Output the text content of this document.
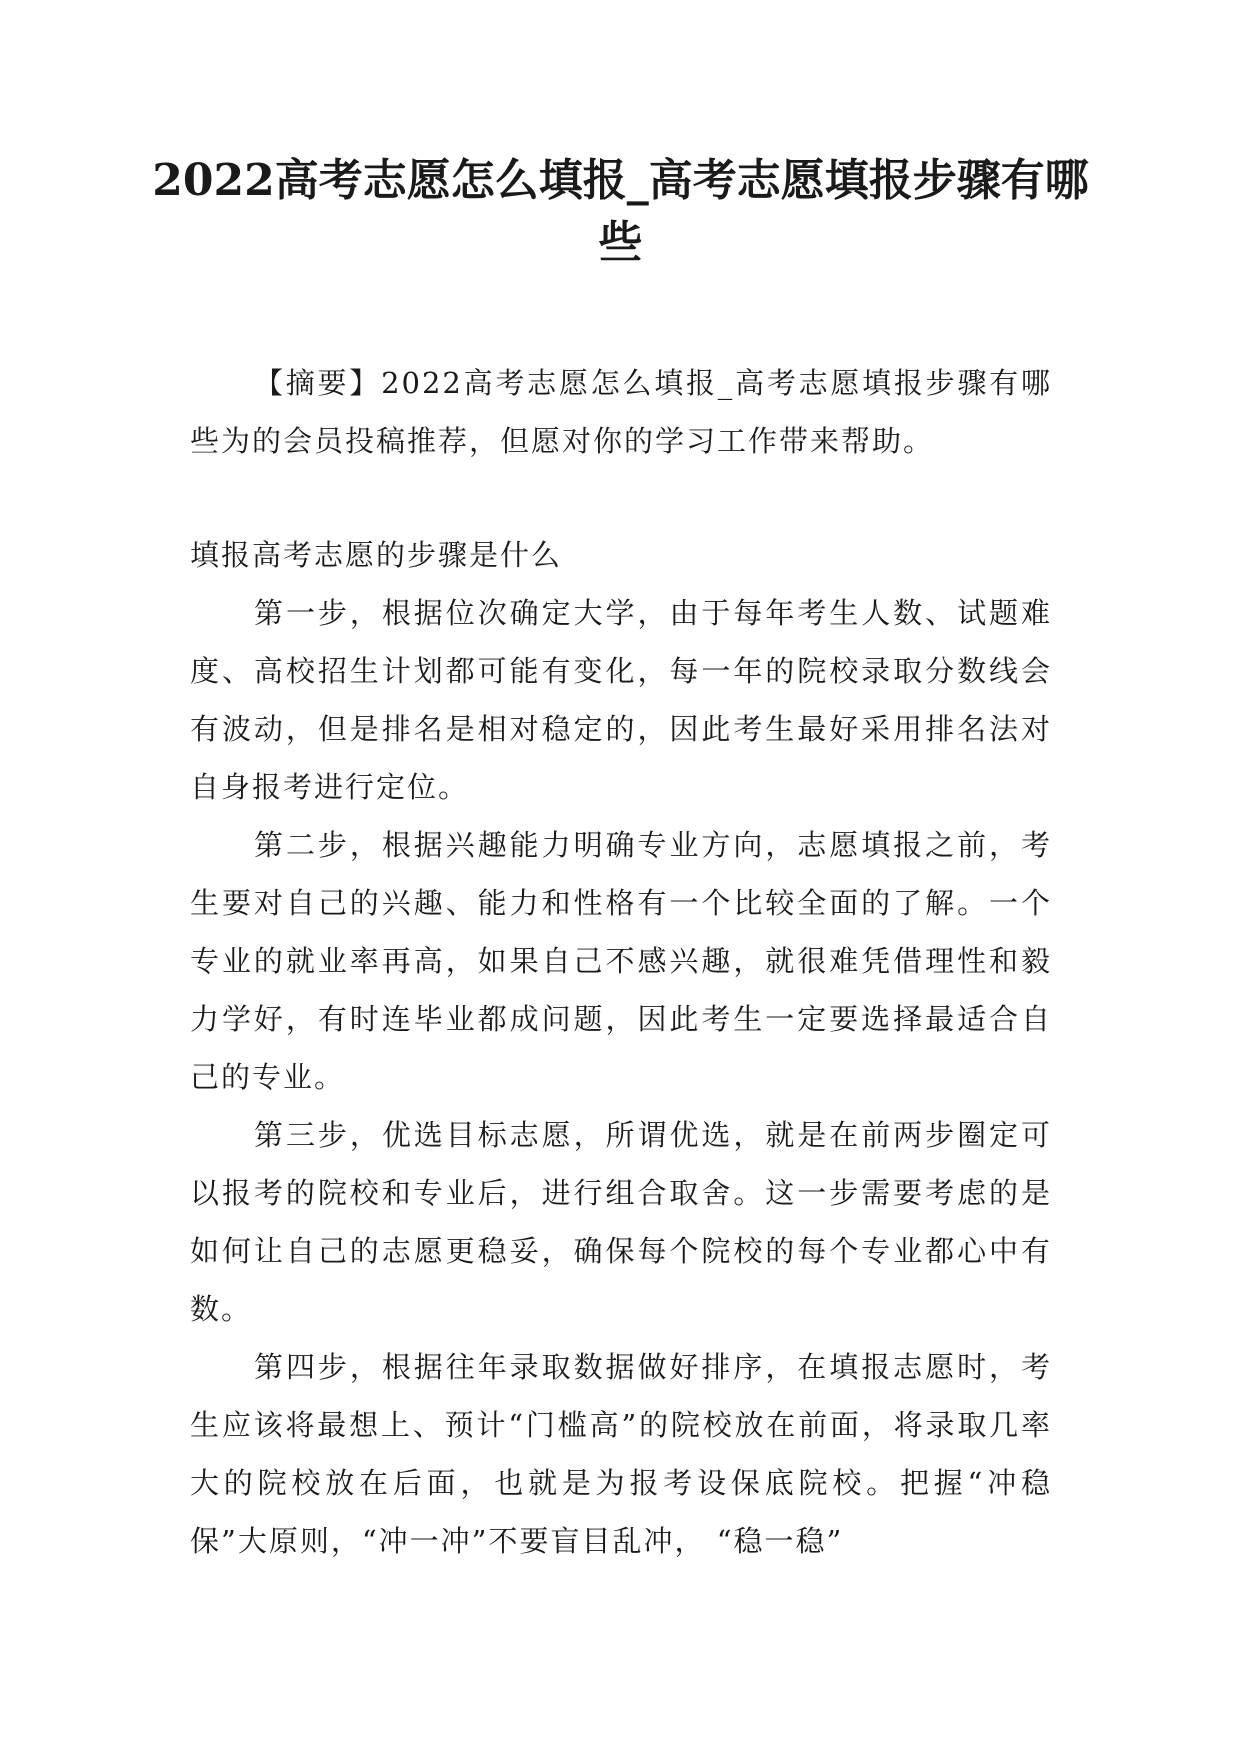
2022高考志愿怎么填报_高考志愿填报步骤有哪些

【摘要】2022高考志愿怎么填报_高考志愿填报步骤有哪些为的会员投稿推荐，但愿对你的学习工作带来帮助。

填报高考志愿的步骤是什么

第一步，根据位次确定大学，由于每年考生人数、试题难度、高校招生计划都可能有变化，每一年的院校录取分数线会有波动，但是排名是相对稳定的，因此考生最好采用排名法对自身报考进行定位。

第二步，根据兴趣能力明确专业方向，志愿填报之前，考生要对自己的兴趣、能力和性格有一个比较全面的了解。一个专业的就业率再高，如果自己不感兴趣，就很难凭借理性和毅力学好，有时连毕业都成问题，因此考生一定要选择最适合自己的专业。

第三步，优选目标志愿，所谓优选，就是在前两步圈定可以报考的院校和专业后，进行组合取舍。这一步需要考虑的是如何让自己的志愿更稳妥，确保每个院校的每个专业都心中有数。

第四步，根据往年录取数据做好排序，在填报志愿时，考生应该将最想上、预计“门槛高”的院校放在前面，将录取几率大的院校放在后面，也就是为报考设保底院校。把握“冲稳保”大原则，“冲一冲”不要盲目乱冲， “稳一稳”
